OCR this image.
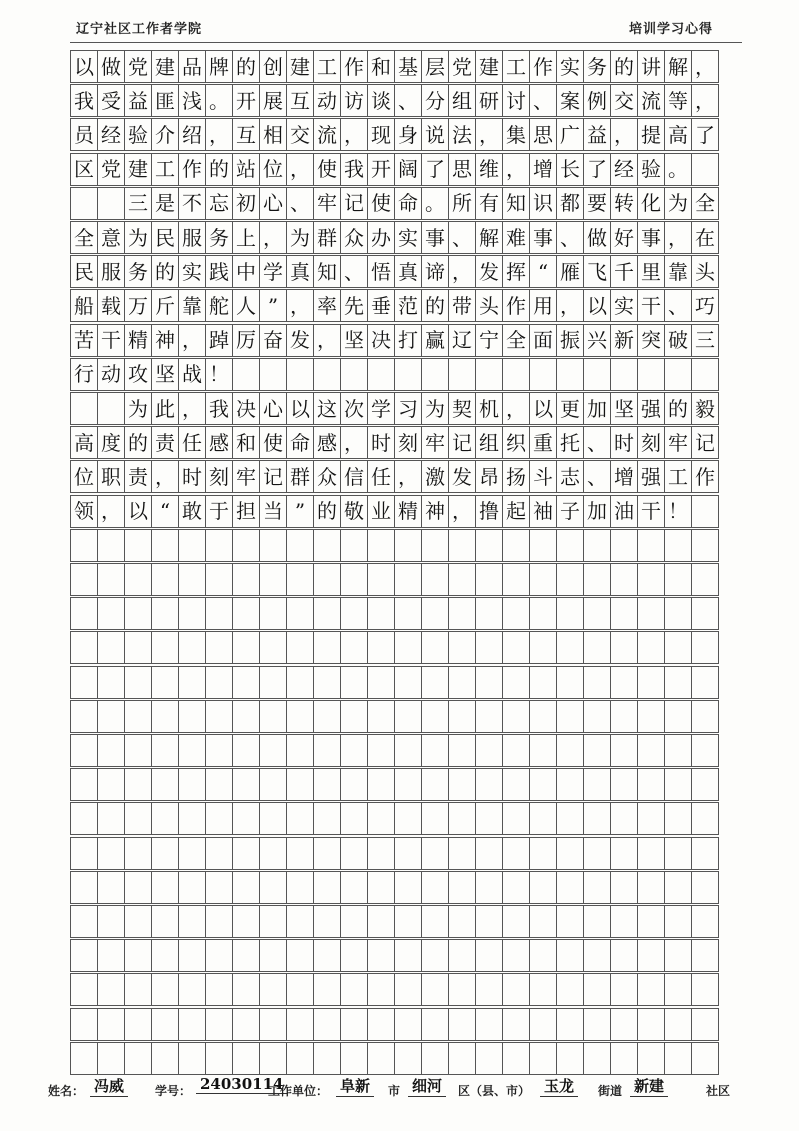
辽宁社区工作者学院	培训学习心得
以 做 党 建 品 牌 的 创 建 工 作 和 基 层 党 建 工 作 实 务 的 讲 解 ，
我 受 益 匪 浅 。 开 展 互 动 访 谈 、 分 组 研 讨 、 案 例 交 流 等 ，
员 经 验 介 绍 ， 互 相 交 流 ， 现 身 说 法 ， 集 思 广 益 ， 提 高 了
区 党 建 工 作 的 站 位 ， 使 我 开 阔 了 思 维 ， 增 长 了 经 验 。
三 是 不 忘 初 心 、 牢 记 使 命 。 所 有 知 识 都 要 转 化 为 全
全 意 为 民 服 务 上 ， 为 群 众 办 实 事 、 解 难 事 、 做 好 事 ， 在
民 服 务 的 实 践 中 学 真 知 、 悟 真 谛 ， 发 挥 “ 雁 飞 千 里 靠 头
船 载 万 斤 靠 舵 人 ” ， 率 先 垂 范 的 带 头 作 用 ， 以 实 干 、 巧
苦 干 精 神 ， 踔 厉 奋 发 ， 坚 决 打 赢 辽 宁 全 面 振 兴 新 突 破 三
行 动 攻 坚 战 ！
为 此 ， 我 决 心 以 这 次 学 习 为 契 机 ， 以 更 加 坚 强 的 毅
高 度 的 责 任 感 和 使 命 感 ， 时 刻 牢 记 组 织 重 托 、 时 刻 牢 记
位 职 责 ， 时 刻 牢 记 群 众 信 任 ， 激 发 昂 扬 斗 志 、 增 强 工 作
领 ， 以 “ 敢 于 担 当 ” 的 敬 业 精 神 ， 撸 起 袖 子 加 油 干 ！
姓名： 冯威	学号： 24030114
工作单位： 阜新	市 细河	区（县、市） 玉龙	街道 新建	社区
